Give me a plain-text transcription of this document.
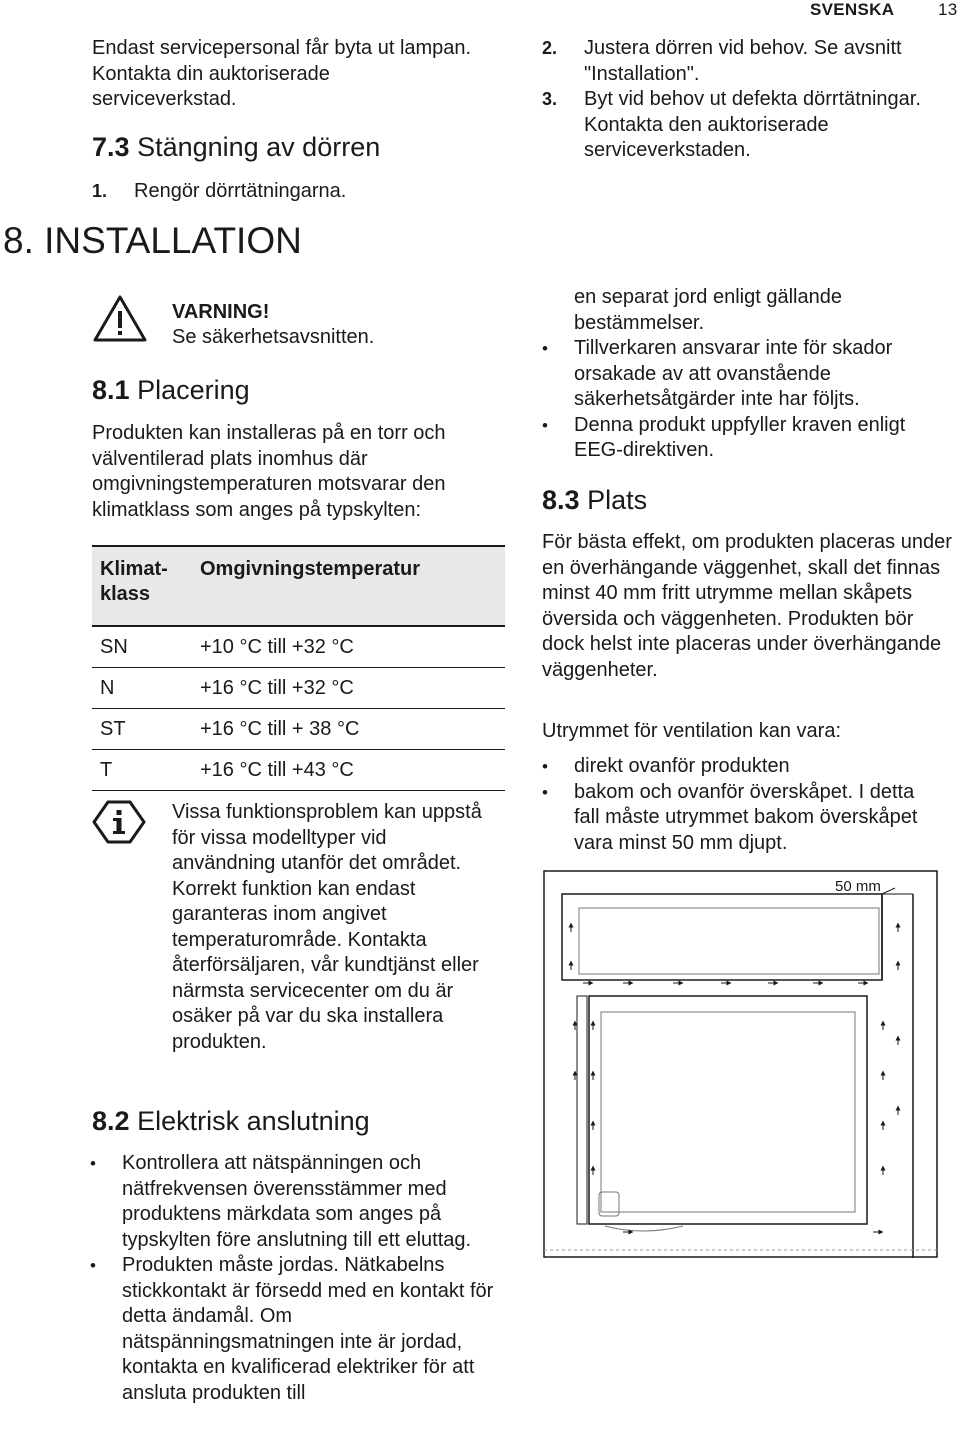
SVENSKA	13
Endast servicepersonal får byta ut lampan. Kontakta din auktoriserade serviceverkstad.
7.3 Stängning av dörren
1. Rengör dörrtätningarna.
8. INSTALLATION
VARNING!
Se säkerhetsavsnitten.
8.1 Placering
Produkten kan installeras på en torr och välventilerad plats inomhus där omgivningstemperaturen motsvarar den klimatklass som anges på typskylten:
Klimat-klass	Omgivningstemperatur
SN	+10 °C till +32 °C
N	+16 °C till +32 °C
ST	+16 °C till + 38 °C
T	+16 °C till +43 °C
Vissa funktionsproblem kan uppstå för vissa modelltyper vid användning utanför det området. Korrekt funktion kan endast garanteras inom angivet temperaturområde. Kontakta återförsäljaren, vår kundtjänst eller närmsta servicecenter om du är osäker på var du ska installera produkten.
8.2 Elektrisk anslutning
• Kontrollera att nätspänningen och nätfrekvensen överensstämmer med produktens märkdata som anges på typskylten före anslutning till ett eluttag.
• Produkten måste jordas. Nätkabelns stickkontakt är försedd med en kontakt för detta ändamål. Om nätspänningsmatningen inte är jordad, kontakta en kvalificerad elektriker för att ansluta produkten till
2. Justera dörren vid behov. Se avsnitt "Installation".
3. Byt vid behov ut defekta dörrtätningar. Kontakta den auktoriserade serviceverkstaden.
en separat jord enligt gällande bestämmelser.
• Tillverkaren ansvarar inte för skador orsakade av att ovanstående säkerhetsåtgärder inte har följts.
• Denna produkt uppfyller kraven enligt EEG-direktiven.
8.3 Plats
För bästa effekt, om produkten placeras under en överhängande väggenhet, skall det finnas minst 40 mm fritt utrymme mellan skåpets översida och väggenheten. Produkten bör dock helst inte placeras under överhängande väggenheter.
Utrymmet för ventilation kan vara:
• direkt ovanför produkten
• bakom och ovanför överskåpet. I detta fall måste utrymmet bakom överskåpet vara minst 50 mm djupt.
50 mm
